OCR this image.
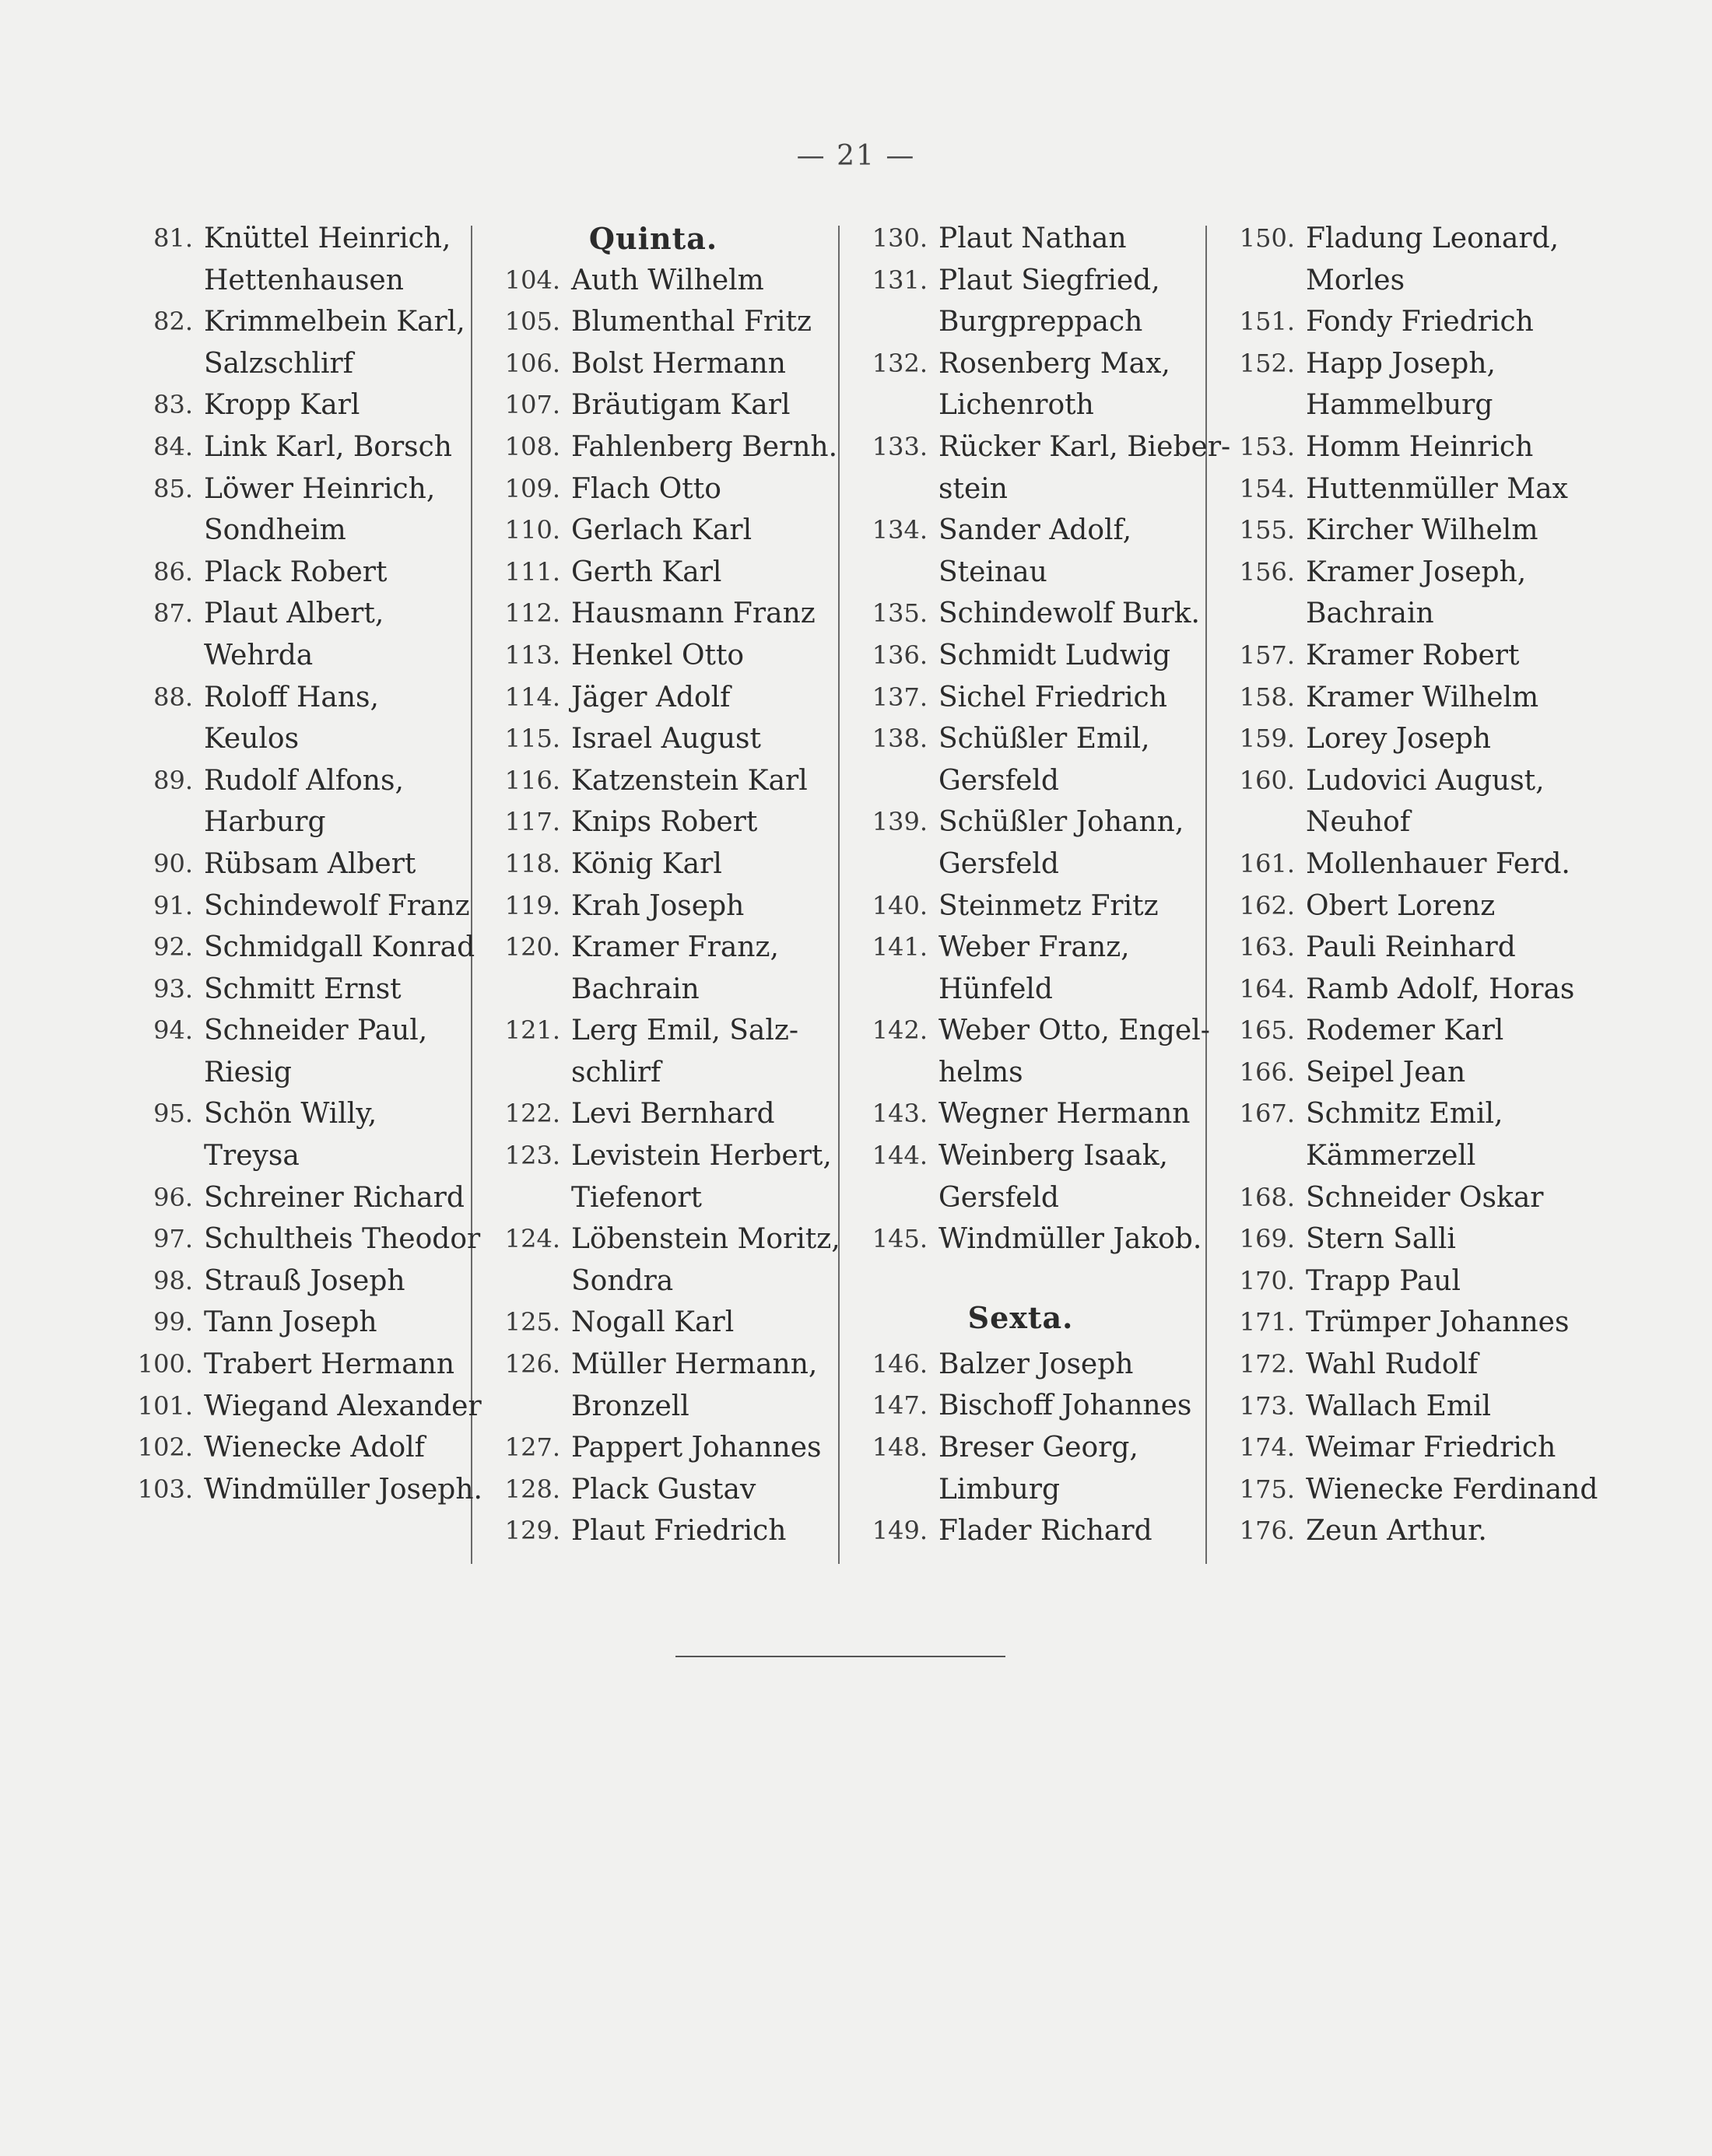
— 21 —
81. Knüttel Heinrich,
Hettenhausen
82. Krimmelbein Karl,
Salzschlirf
83. Kropp Karl
84. Link Karl, Borsch
85. Löwer Heinrich,
Sondheim
86. Plack Robert
87. Plaut Albert,
Wehrda
88. Roloff Hans,
Keulos
89. Rudolf Alfons,
Harburg
90. Rübsam Albert
91. Schindewolf Franz
92. Schmidgall Konrad
93. Schmitt Ernst
94. Schneider Paul,
Riesig
95. Schön Willy,
Treysa
96. Schreiner Richard
97. Schultheis Theodor
98. Strauß Joseph
99. Tann Joseph
100. Trabert Hermann
101. Wiegand Alexander
102. Wienecke Adolf
103. Windmüller Joseph.
Quinta.
104. Auth Wilhelm
105. Blumenthal Fritz
106. Bolst Hermann
107. Bräutigam Karl
108. Fahlenberg Bernh.
109. Flach Otto
110. Gerlach Karl
111. Gerth Karl
112. Hausmann Franz
113. Henkel Otto
114. Jäger Adolf
115. Israel August
116. Katzenstein Karl
117. Knips Robert
118. König Karl
119. Krah Joseph
120. Kramer Franz,
Bachrain
121. Lerg Emil, Salz-
schlirf
122. Levi Bernhard
123. Levistein Herbert,
Tiefenort
124. Löbenstein Moritz,
Sondra
125. Nogall Karl
126. Müller Hermann,
Bronzell
127. Pappert Johannes
128. Plack Gustav
129. Plaut Friedrich
130. Plaut Nathan
131. Plaut Siegfried,
Burgpreppach
132. Rosenberg Max,
Lichenroth
133. Rücker Karl, Bieber-
stein
134. Sander Adolf,
Steinau
135. Schindewolf Burk.
136. Schmidt Ludwig
137. Sichel Friedrich
138. Schüßler Emil,
Gersfeld
139. Schüßler Johann,
Gersfeld
140. Steinmetz Fritz
141. Weber Franz,
Hünfeld
142. Weber Otto, Engel-
helms
143. Wegner Hermann
144. Weinberg Isaak,
Gersfeld
145. Windmüller Jakob.
Sexta.
146. Balzer Joseph
147. Bischoff Johannes
148. Breser Georg,
Limburg
149. Flader Richard
150. Fladung Leonard,
Morles
151. Fondy Friedrich
152. Happ Joseph,
Hammelburg
153. Homm Heinrich
154. Huttenmüller Max
155. Kircher Wilhelm
156. Kramer Joseph,
Bachrain
157. Kramer Robert
158. Kramer Wilhelm
159. Lorey Joseph
160. Ludovici August,
Neuhof
161. Mollenhauer Ferd.
162. Obert Lorenz
163. Pauli Reinhard
164. Ramb Adolf, Horas
165. Rodemer Karl
166. Seipel Jean
167. Schmitz Emil,
Kämmerzell
168. Schneider Oskar
169. Stern Salli
170. Trapp Paul
171. Trümper Johannes
172. Wahl Rudolf
173. Wallach Emil
174. Weimar Friedrich
175. Wienecke Ferdinand
176. Zeun Arthur.
